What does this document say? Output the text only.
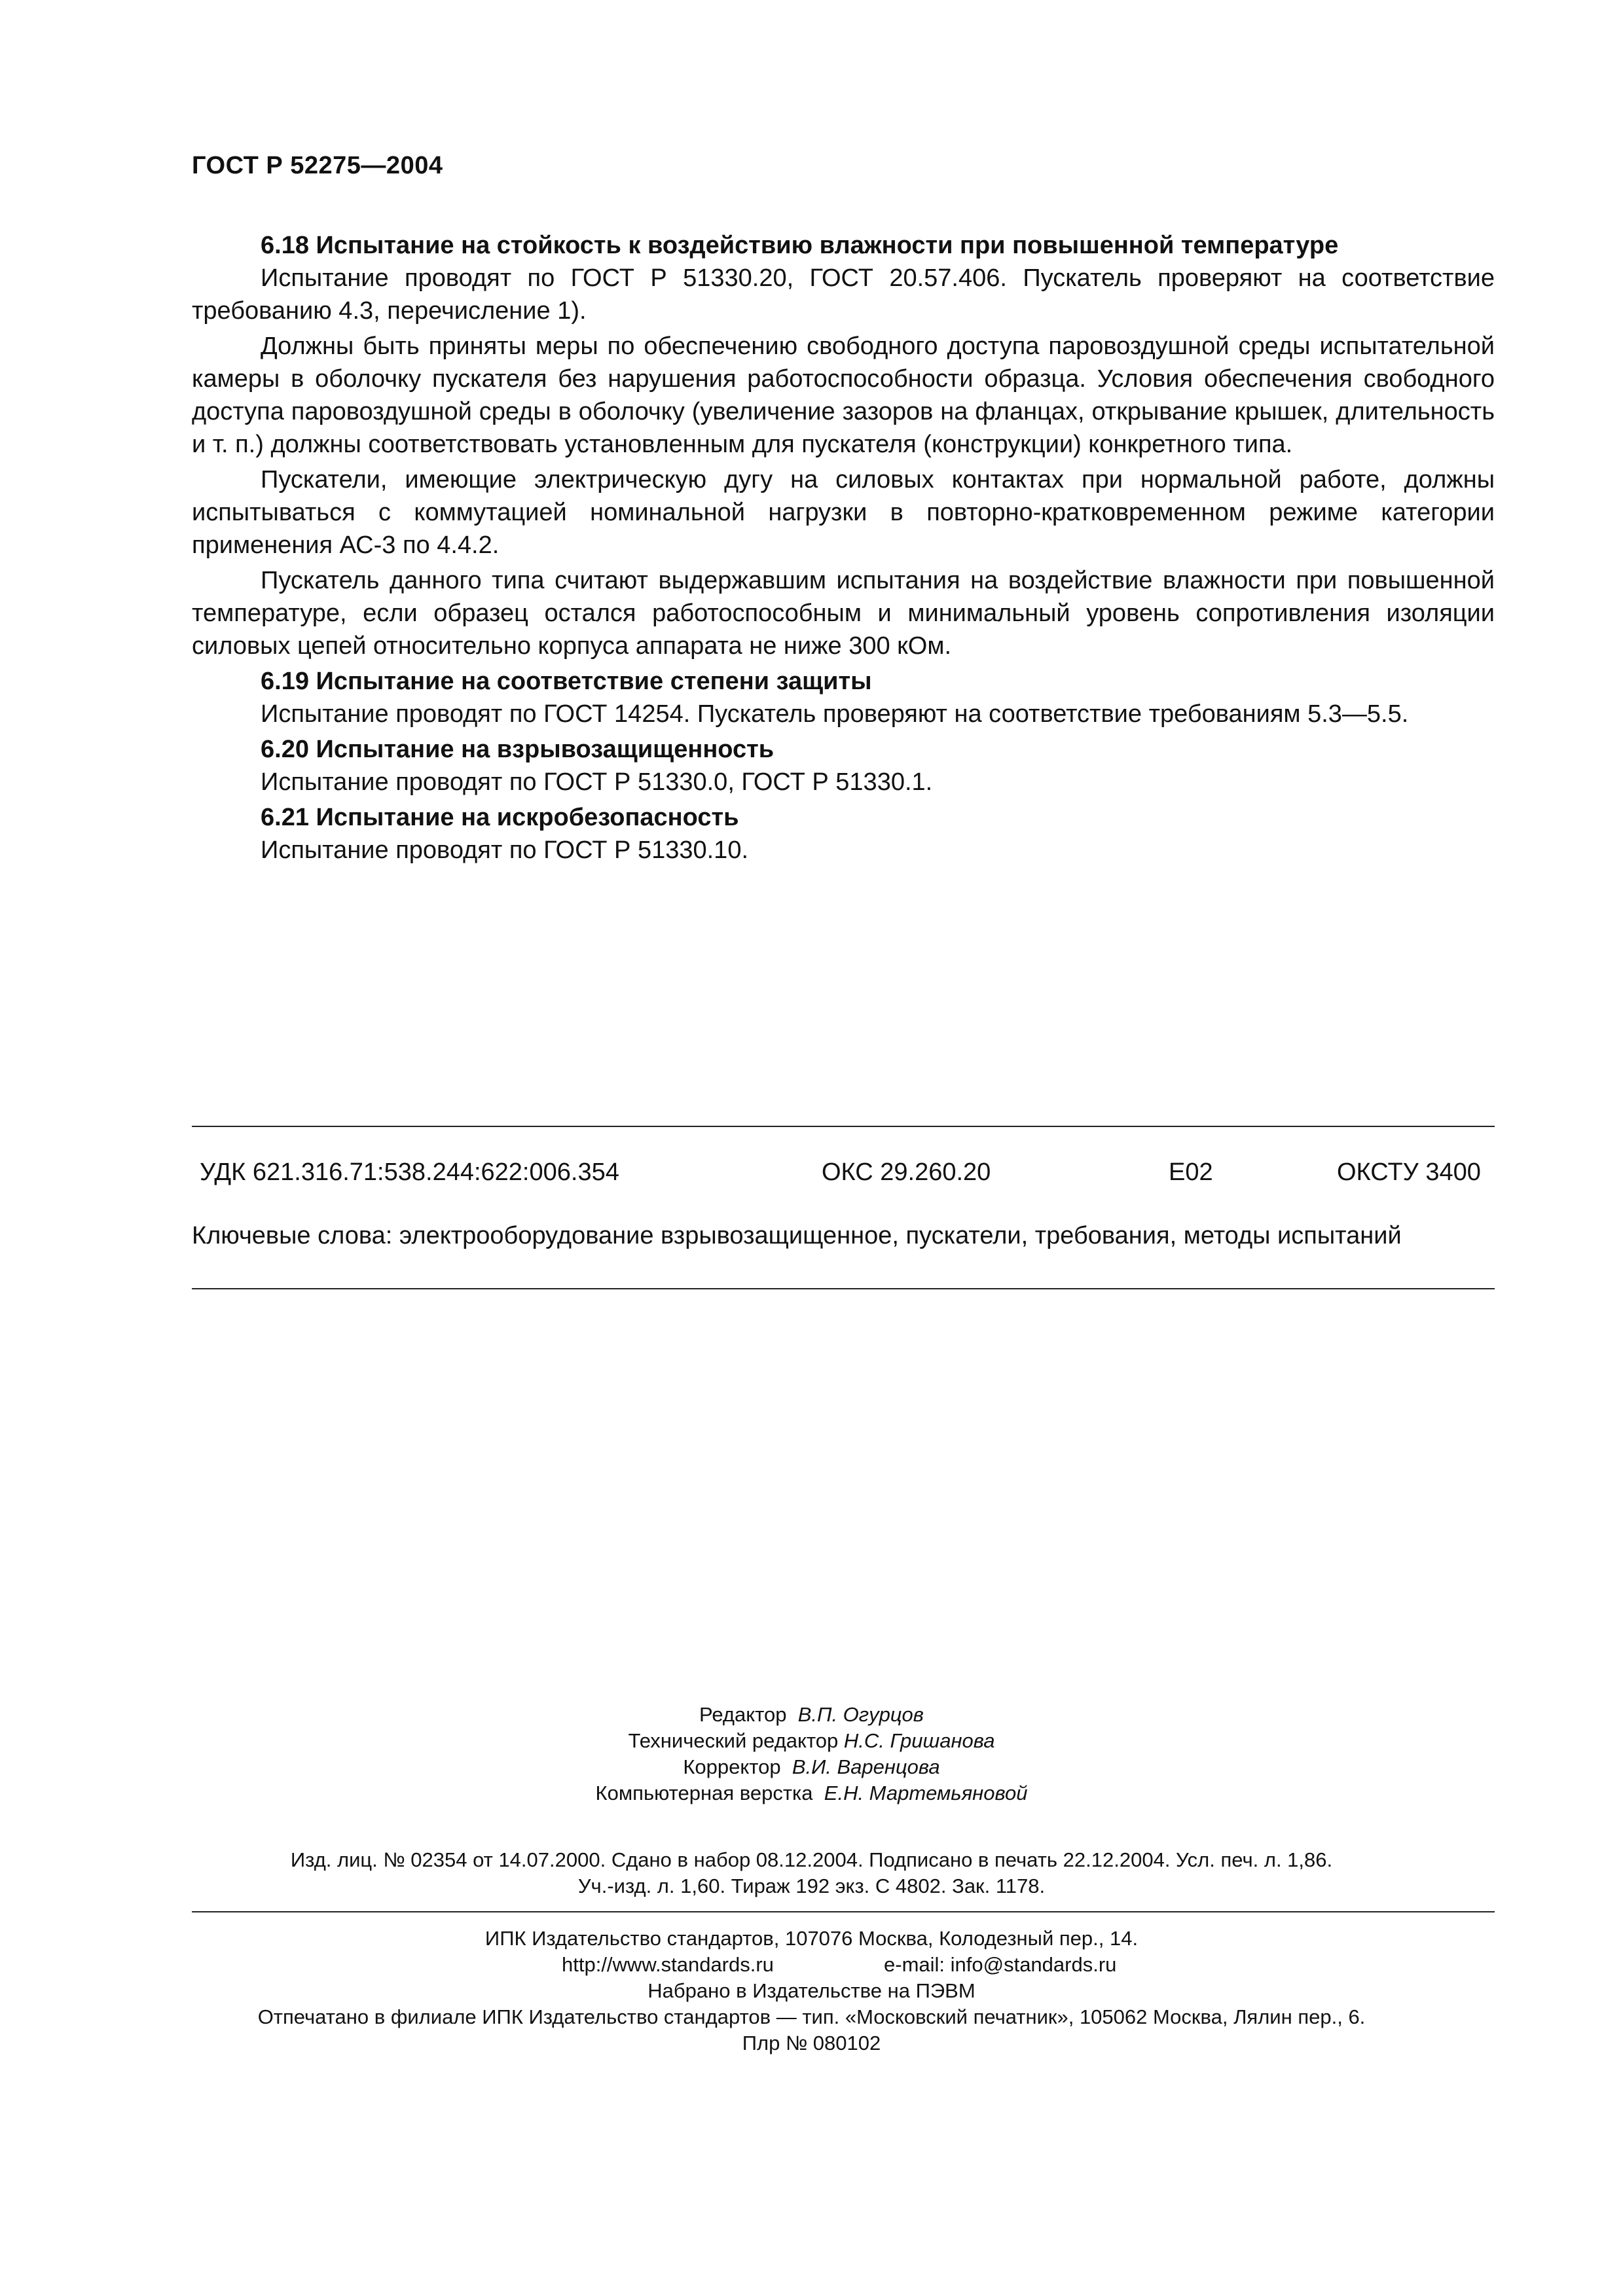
ГОСТ Р 52275—2004

6.18 Испытание на стойкость к воздействию влажности при повышенной температуре

Испытание проводят по ГОСТ Р 51330.20, ГОСТ 20.57.406. Пускатель проверяют на соответствие требованию 4.3, перечисление 1).

Должны быть приняты меры по обеспечению свободного доступа паровоздушной среды испытательной камеры в оболочку пускателя без нарушения работоспособности образца. Условия обеспечения свободного доступа паровоздушной среды в оболочку (увеличение зазоров на фланцах, открывание крышек, длительность и т. п.) должны соответствовать установленным для пускателя (конструкции) конкретного типа.

Пускатели, имеющие электрическую дугу на силовых контактах при нормальной работе, должны испытываться с коммутацией номинальной нагрузки в повторно-кратковременном режиме категории применения АС-3 по 4.4.2.

Пускатель данного типа считают выдержавшим испытания на воздействие влажности при повышенной температуре, если образец остался работоспособным и минимальный уровень сопротивления изоляции силовых цепей относительно корпуса аппарата не ниже 300 кОм.

6.19 Испытание на соответствие степени защиты

Испытание проводят по ГОСТ 14254. Пускатель проверяют на соответствие требованиям 5.3—5.5.

6.20 Испытание на взрывозащищенность

Испытание проводят по ГОСТ Р 51330.0, ГОСТ Р 51330.1.

6.21 Испытание на искробезопасность

Испытание проводят по ГОСТ Р 51330.10.

УДК 621.316.71:538.244:622:006.354	ОКС 29.260.20	Е02	ОКСТУ 3400
Ключевые слова: электрооборудование взрывозащищенное, пускатели, требования, методы испытаний

Редактор В.П. Огурцов

Технический редактор Н.С. Гришанова

Корректор В.И. Варенцова

Компьютерная верстка Е.Н. Мартемьяновой

Изд. лиц. № 02354 от 14.07.2000. Сдано в набор 08.12.2004. Подписано в печать 22.12.2004. Усл. печ. л. 1,86.

Уч.-изд. л. 1,60. Тираж 192 экз. С 4802. Зак. 1178.

ИПК Издательство стандартов, 107076 Москва, Колодезный пер., 14.

http://www.standards.ru	e-mail: info@standards.ru

Набрано в Издательстве на ПЭВМ

Отпечатано в филиале ИПК Издательство стандартов — тип. «Московский печатник», 105062 Москва, Лялин пер., 6.

Плр № 080102
